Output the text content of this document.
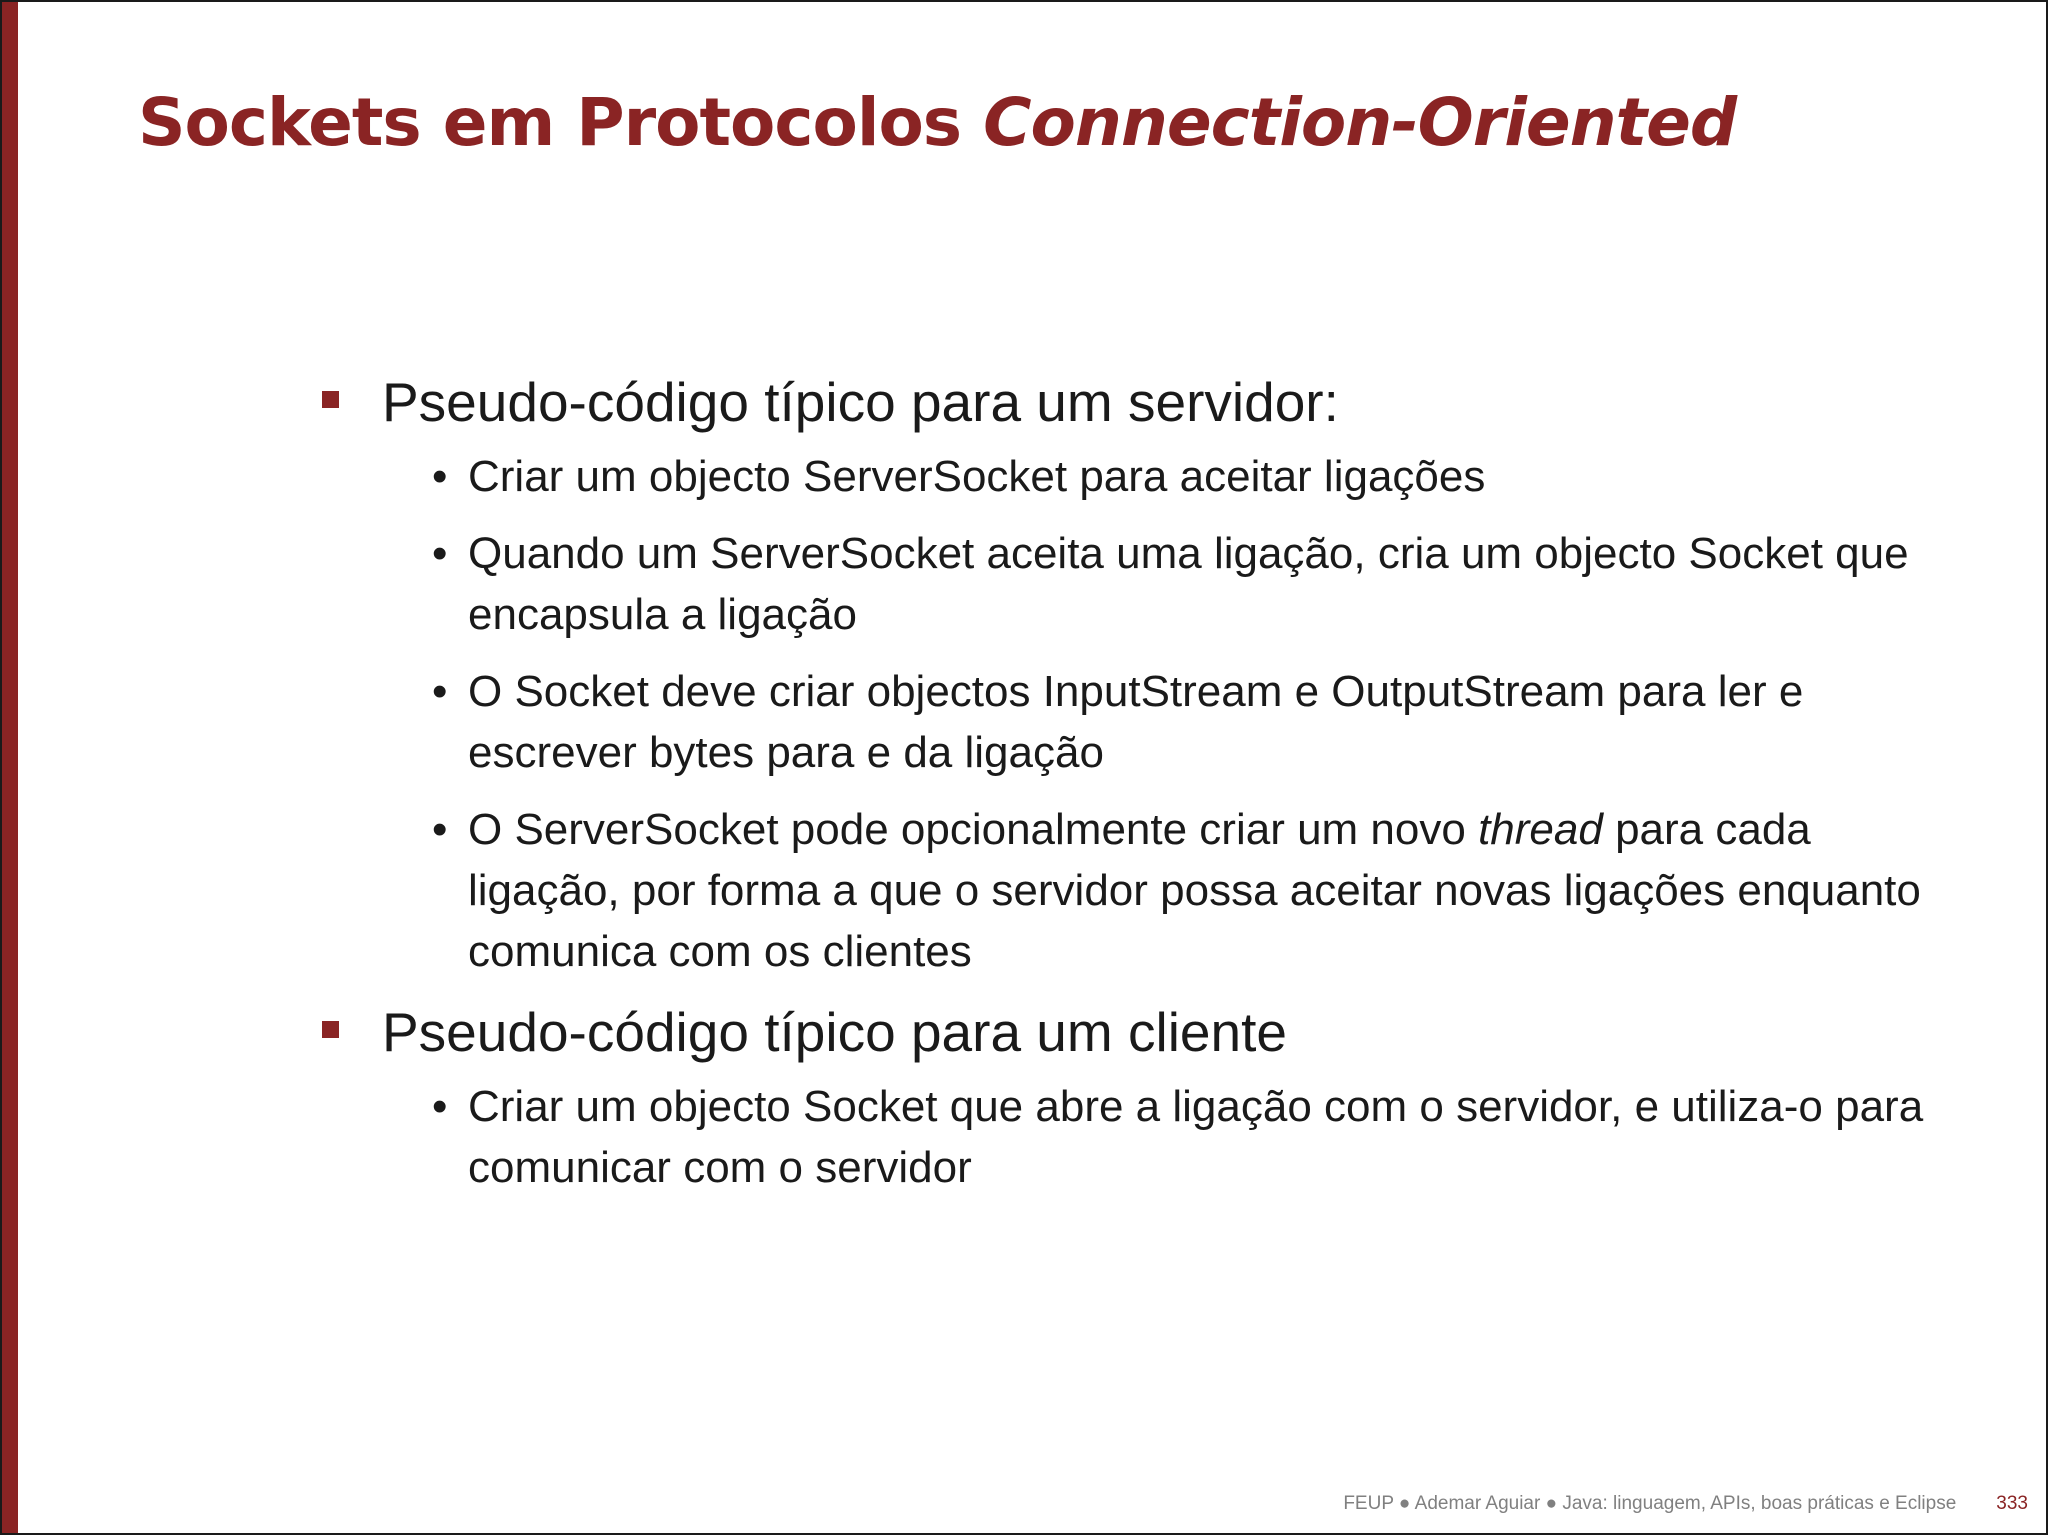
Sockets em Protocolos Connection-Oriented
Pseudo-código típico para um servidor:
• Criar um objecto ServerSocket para aceitar ligações
• Quando um ServerSocket aceita uma ligação, cria um objecto Socket que encapsula a ligação
• O Socket deve criar objectos InputStream e OutputStream para ler e escrever bytes para e da ligação
• O ServerSocket pode opcionalmente criar um novo thread para cada ligação, por forma a que o servidor possa aceitar novas ligações enquanto comunica com os clientes
Pseudo-código típico para um cliente
• Criar um objecto Socket que abre a ligação com o servidor, e utiliza-o para comunicar com o servidor
FEUP ● Ademar Aguiar ● Java: linguagem, APIs, boas práticas e Eclipse 333
